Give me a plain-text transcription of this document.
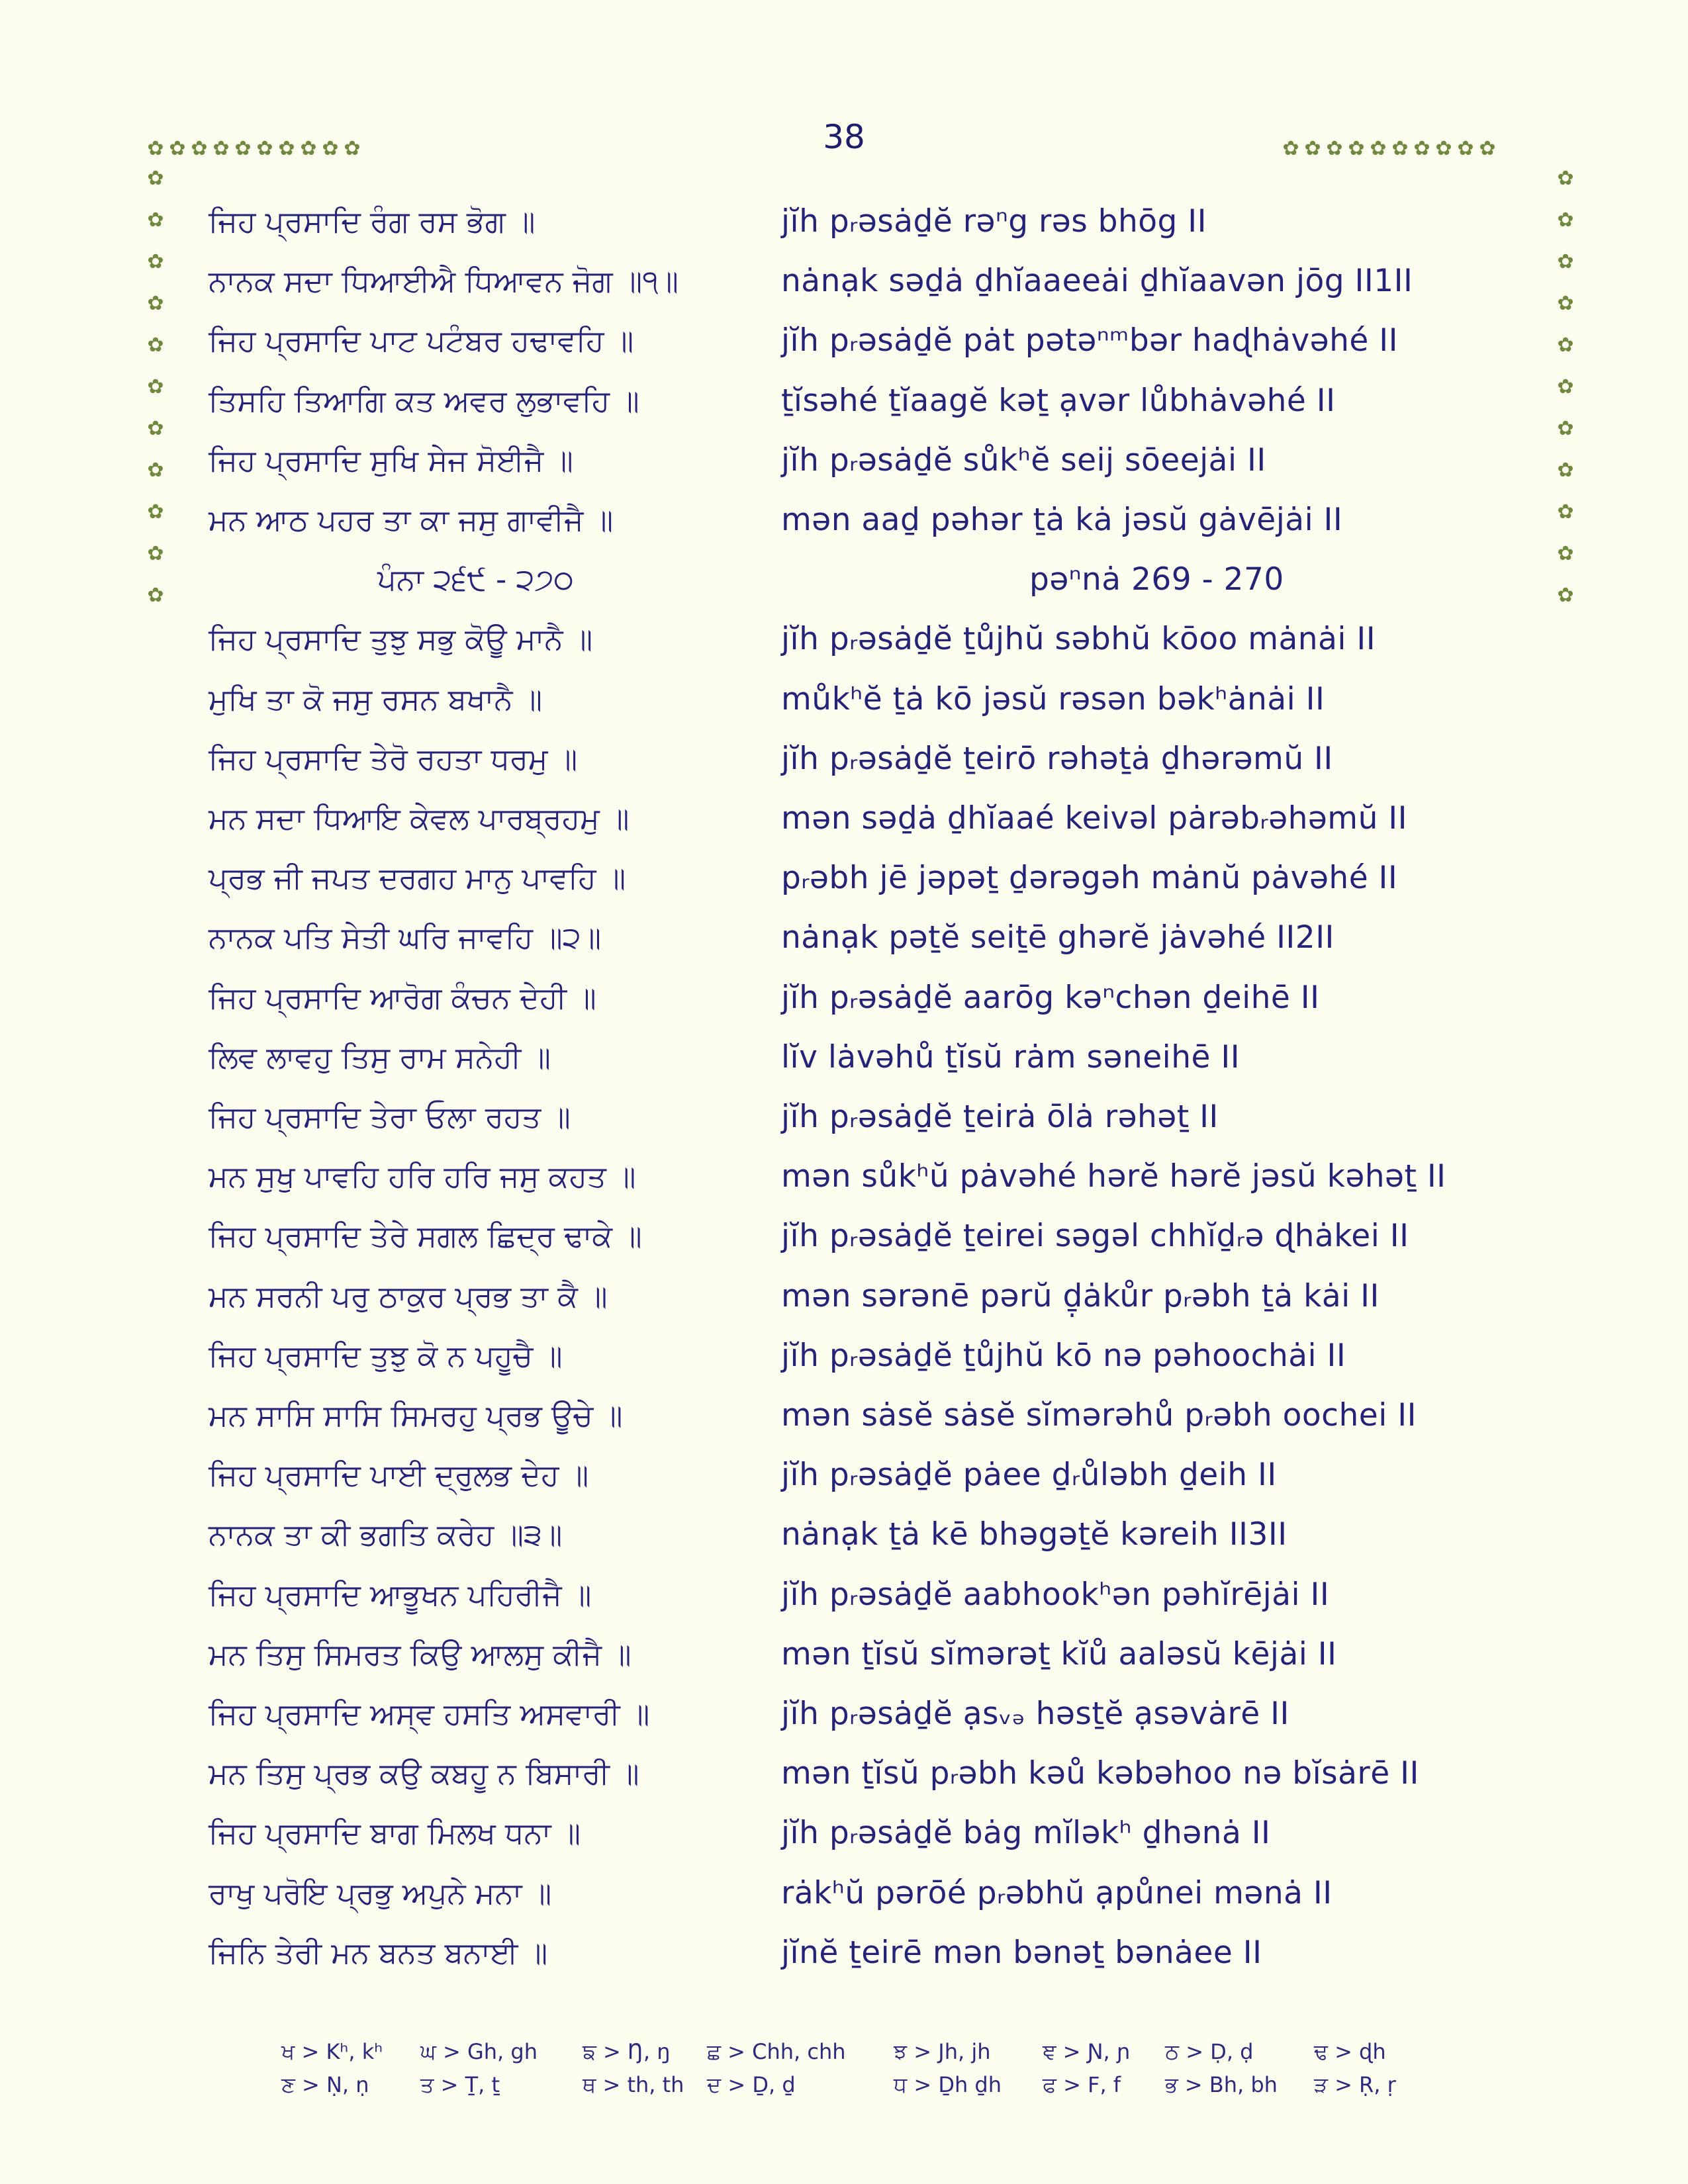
38
✿ ✿ ✿ ✿ ✿ ✿ ✿ ✿ ✿ ✿	✿ ✿ ✿ ✿ ✿ ✿ ✿ ✿ ✿ ✿
✿
✿
✿
✿
✿
✿
✿
✿
✿
✿
✿
✿
✿
✿
✿
✿
✿
✿
✿
✿
✿
✿
ਜਿਹ ਪ੍ਰਸਾਦਿ ਰੰਗ ਰਸ ਭੋਗ ॥	jĭh pᵣəsȧḏĕ rəⁿg rəs bhōg II
ਨਾਨਕ ਸਦਾ ਧਿਆਈਐ ਧਿਆਵਨ ਜੋਗ ॥੧॥	nȧnạk səḏȧ ḏhĭaaeeȧi ḏhĭaavən jōg II1II
ਜਿਹ ਪ੍ਰਸਾਦਿ ਪਾਟ ਪਟੰਬਰ ਹਢਾਵਹਿ ॥	jĭh pᵣəsȧḏĕ pȧt pətəⁿᵐbər haɖhȧvəhé II
ਤਿਸਹਿ ਤਿਆਗਿ ਕਤ ਅਵਰ ਲੁਭਾਵਹਿ ॥	ṯĭsəhé ṯĭaagĕ kəṯ ạvər lůbhȧvəhé II
ਜਿਹ ਪ੍ਰਸਾਦਿ ਸੁਖਿ ਸੇਜ ਸੋਈਜੈ ॥	jĭh pᵣəsȧḏĕ sůkʰĕ seij sōeejȧi II
ਮਨ ਆਠ ਪਹਰ ਤਾ ਕਾ ਜਸੁ ਗਾਵੀਜੈ ॥	mən aaḏ pəhər ṯȧ kȧ jəsŭ gȧvējȧi II
ਪੰਨਾ ੨੬੯ - ੨੭੦	pəⁿnȧ 269 - 270
ਜਿਹ ਪ੍ਰਸਾਦਿ ਤੁਝੁ ਸਭੁ ਕੋਊ ਮਾਨੈ ॥	jĭh pᵣəsȧḏĕ ṯůjhŭ səbhŭ kōoo mȧnȧi II
ਮੁਖਿ ਤਾ ਕੋ ਜਸੁ ਰਸਨ ਬਖਾਨੈ ॥	můkʰĕ ṯȧ kō jəsŭ rəsən bəkʰȧnȧi II
ਜਿਹ ਪ੍ਰਸਾਦਿ ਤੇਰੋ ਰਹਤਾ ਧਰਮੁ ॥	jĭh pᵣəsȧḏĕ ṯeirō rəhəṯȧ ḏhərəmŭ II
ਮਨ ਸਦਾ ਧਿਆਇ ਕੇਵਲ ਪਾਰਬ੍ਰਹਮੁ ॥	mən səḏȧ ḏhĭaaé keivəl pȧrəbᵣəhəmŭ II
ਪ੍ਰਭ ਜੀ ਜਪਤ ਦਰਗਹ ਮਾਨੁ ਪਾਵਹਿ ॥	pᵣəbh jē jəpəṯ ḏərəgəh mȧnŭ pȧvəhé II
ਨਾਨਕ ਪਤਿ ਸੇਤੀ ਘਰਿ ਜਾਵਹਿ ॥੨॥	nȧnạk pəṯĕ seiṯē ghərĕ jȧvəhé II2II
ਜਿਹ ਪ੍ਰਸਾਦਿ ਆਰੋਗ ਕੰਚਨ ਦੇਹੀ ॥	jĭh pᵣəsȧḏĕ aarōg kəⁿchən ḏeihē II
ਲਿਵ ਲਾਵਹੁ ਤਿਸੁ ਰਾਮ ਸਨੇਹੀ ॥	lĭv lȧvəhů ṯĭsŭ rȧm səneihē II
ਜਿਹ ਪ੍ਰਸਾਦਿ ਤੇਰਾ ਓਲਾ ਰਹਤ ॥	jĭh pᵣəsȧḏĕ ṯeirȧ ōlȧ rəhəṯ II
ਮਨ ਸੁਖੁ ਪਾਵਹਿ ਹਰਿ ਹਰਿ ਜਸੁ ਕਹਤ ॥	mən sůkʰŭ pȧvəhé hərĕ hərĕ jəsŭ kəhəṯ II
ਜਿਹ ਪ੍ਰਸਾਦਿ ਤੇਰੇ ਸਗਲ ਛਿਦ੍ਰ ਢਾਕੇ ॥	jĭh pᵣəsȧḏĕ ṯeirei səgəl chhĭḏᵣə ɖhȧkei II
ਮਨ ਸਰਨੀ ਪਰੁ ਠਾਕੁਰ ਪ੍ਰਭ ਤਾ ਕੈ ॥	mən sərənē pərŭ ḏ̣ȧkůr pᵣəbh ṯȧ kȧi II
ਜਿਹ ਪ੍ਰਸਾਦਿ ਤੁਝੁ ਕੋ ਨ ਪਹੂਚੈ ॥	jĭh pᵣəsȧḏĕ ṯůjhŭ kō nə pəhoochȧi II
ਮਨ ਸਾਸਿ ਸਾਸਿ ਸਿਮਰਹੁ ਪ੍ਰਭ ਊਚੇ ॥	mən sȧsĕ sȧsĕ sĭmərəhů pᵣəbh oochei II
ਜਿਹ ਪ੍ਰਸਾਦਿ ਪਾਈ ਦ੍ਰੁਲਭ ਦੇਹ ॥	jĭh pᵣəsȧḏĕ pȧee ḏᵣůləbh ḏeih II
ਨਾਨਕ ਤਾ ਕੀ ਭਗਤਿ ਕਰੇਹ ॥੩॥	nȧnạk ṯȧ kē bhəgəṯĕ kəreih II3II
ਜਿਹ ਪ੍ਰਸਾਦਿ ਆਭੂਖਨ ਪਹਿਰੀਜੈ ॥	jĭh pᵣəsȧḏĕ aabhookʰən pəhĭrējȧi II
ਮਨ ਤਿਸੁ ਸਿਮਰਤ ਕਿਉ ਆਲਸੁ ਕੀਜੈ ॥	mən ṯĭsŭ sĭmərəṯ kĭů aaləsŭ kējȧi II
ਜਿਹ ਪ੍ਰਸਾਦਿ ਅਸ੍ਵ ਹਸਤਿ ਅਸਵਾਰੀ ॥	jĭh pᵣəsȧḏĕ ạsᵥₔ həsṯĕ ạsəvȧrē II
ਮਨ ਤਿਸੁ ਪ੍ਰਭ ਕਉ ਕਬਹੂ ਨ ਬਿਸਾਰੀ ॥	mən ṯĭsŭ pᵣəbh kəů kəbəhoo nə bĭsȧrē II
ਜਿਹ ਪ੍ਰਸਾਦਿ ਬਾਗ ਮਿਲਖ ਧਨਾ ॥	jĭh pᵣəsȧḏĕ bȧg mĭləkʰ ḏhənȧ II
ਰਾਖੁ ਪਰੋਇ ਪ੍ਰਭੁ ਅਪੁਨੇ ਮਨਾ ॥	rȧkʰŭ pərōé pᵣəbhŭ ạpůnei mənȧ II
ਜਿਨਿ ਤੇਰੀ ਮਨ ਬਨਤ ਬਨਾਈ ॥	jĭnĕ ṯeirē mən bənəṯ bənȧee II
ਖ > Kʰ, kʰ ਘ > Gh, gh ਙ > Ŋ, ŋ ਛ > Chh, chh ਝ > Jh, jh ਞ > Ɲ, ɲ ਠ > Ḍ, ḍ	ਢ > ɖh
ਣ > Ṇ, ṇ ਤ > Ṯ, ṯ	ਥ > th, th ਦ > Ḏ, ḏ	ਧ > Ḏh ḏh ਫ > F, f ਭ > Bh, bh ੜ > Ṛ, ṛ
